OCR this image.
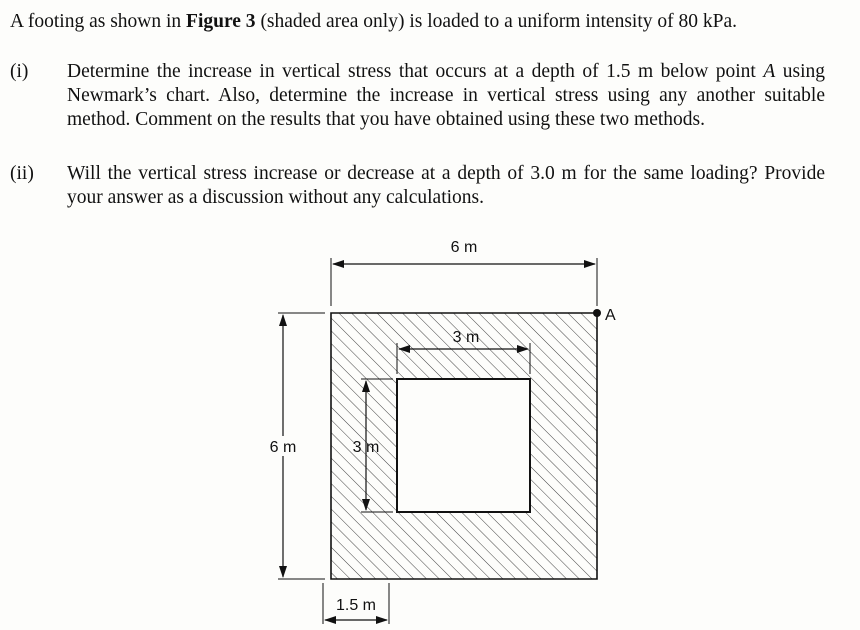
A footing as shown in Figure 3 (shaded area only) is loaded to a uniform intensity of 80 kPa.
(i)	Determine the increase in vertical stress that occurs at a depth of 1.5 m below point A using Newmark’s chart. Also, determine the increase in vertical stress using any another suitable method. Comment on the results that you have obtained using these two methods.
(ii)	Will the vertical stress increase or decrease at a depth of 3.0 m for the same loading? Provide your answer as a discussion without any calculations.
6 m
6 m
3 m
3 m
1.5 m
A
